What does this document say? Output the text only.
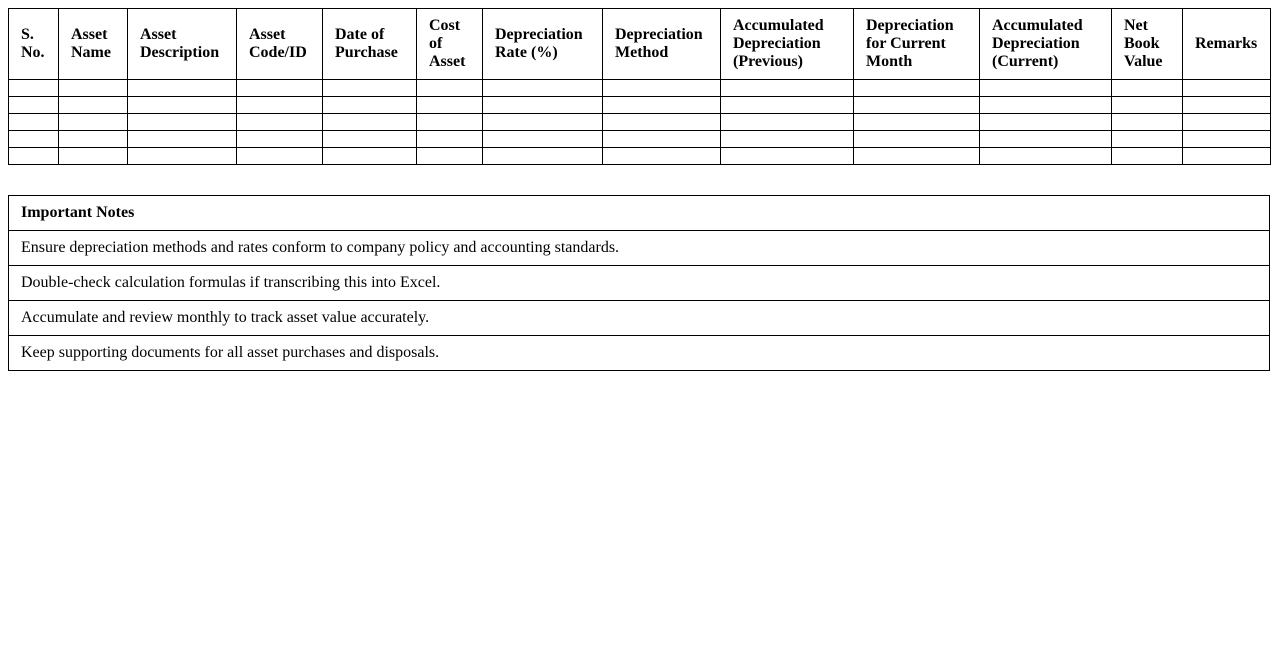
S. No.	Asset Name	Asset Description	Asset Code/ID	Date of Purchase	Cost of Asset	Depreciation Rate (%)	Depreciation Method	Accumulated Depreciation (Previous)	Depreciation for Current Month	Accumulated Depreciation (Current)	Net Book Value	Remarks

Important Notes
Ensure depreciation methods and rates conform to company policy and accounting standards.
Double-check calculation formulas if transcribing this into Excel.
Accumulate and review monthly to track asset value accurately.
Keep supporting documents for all asset purchases and disposals.
